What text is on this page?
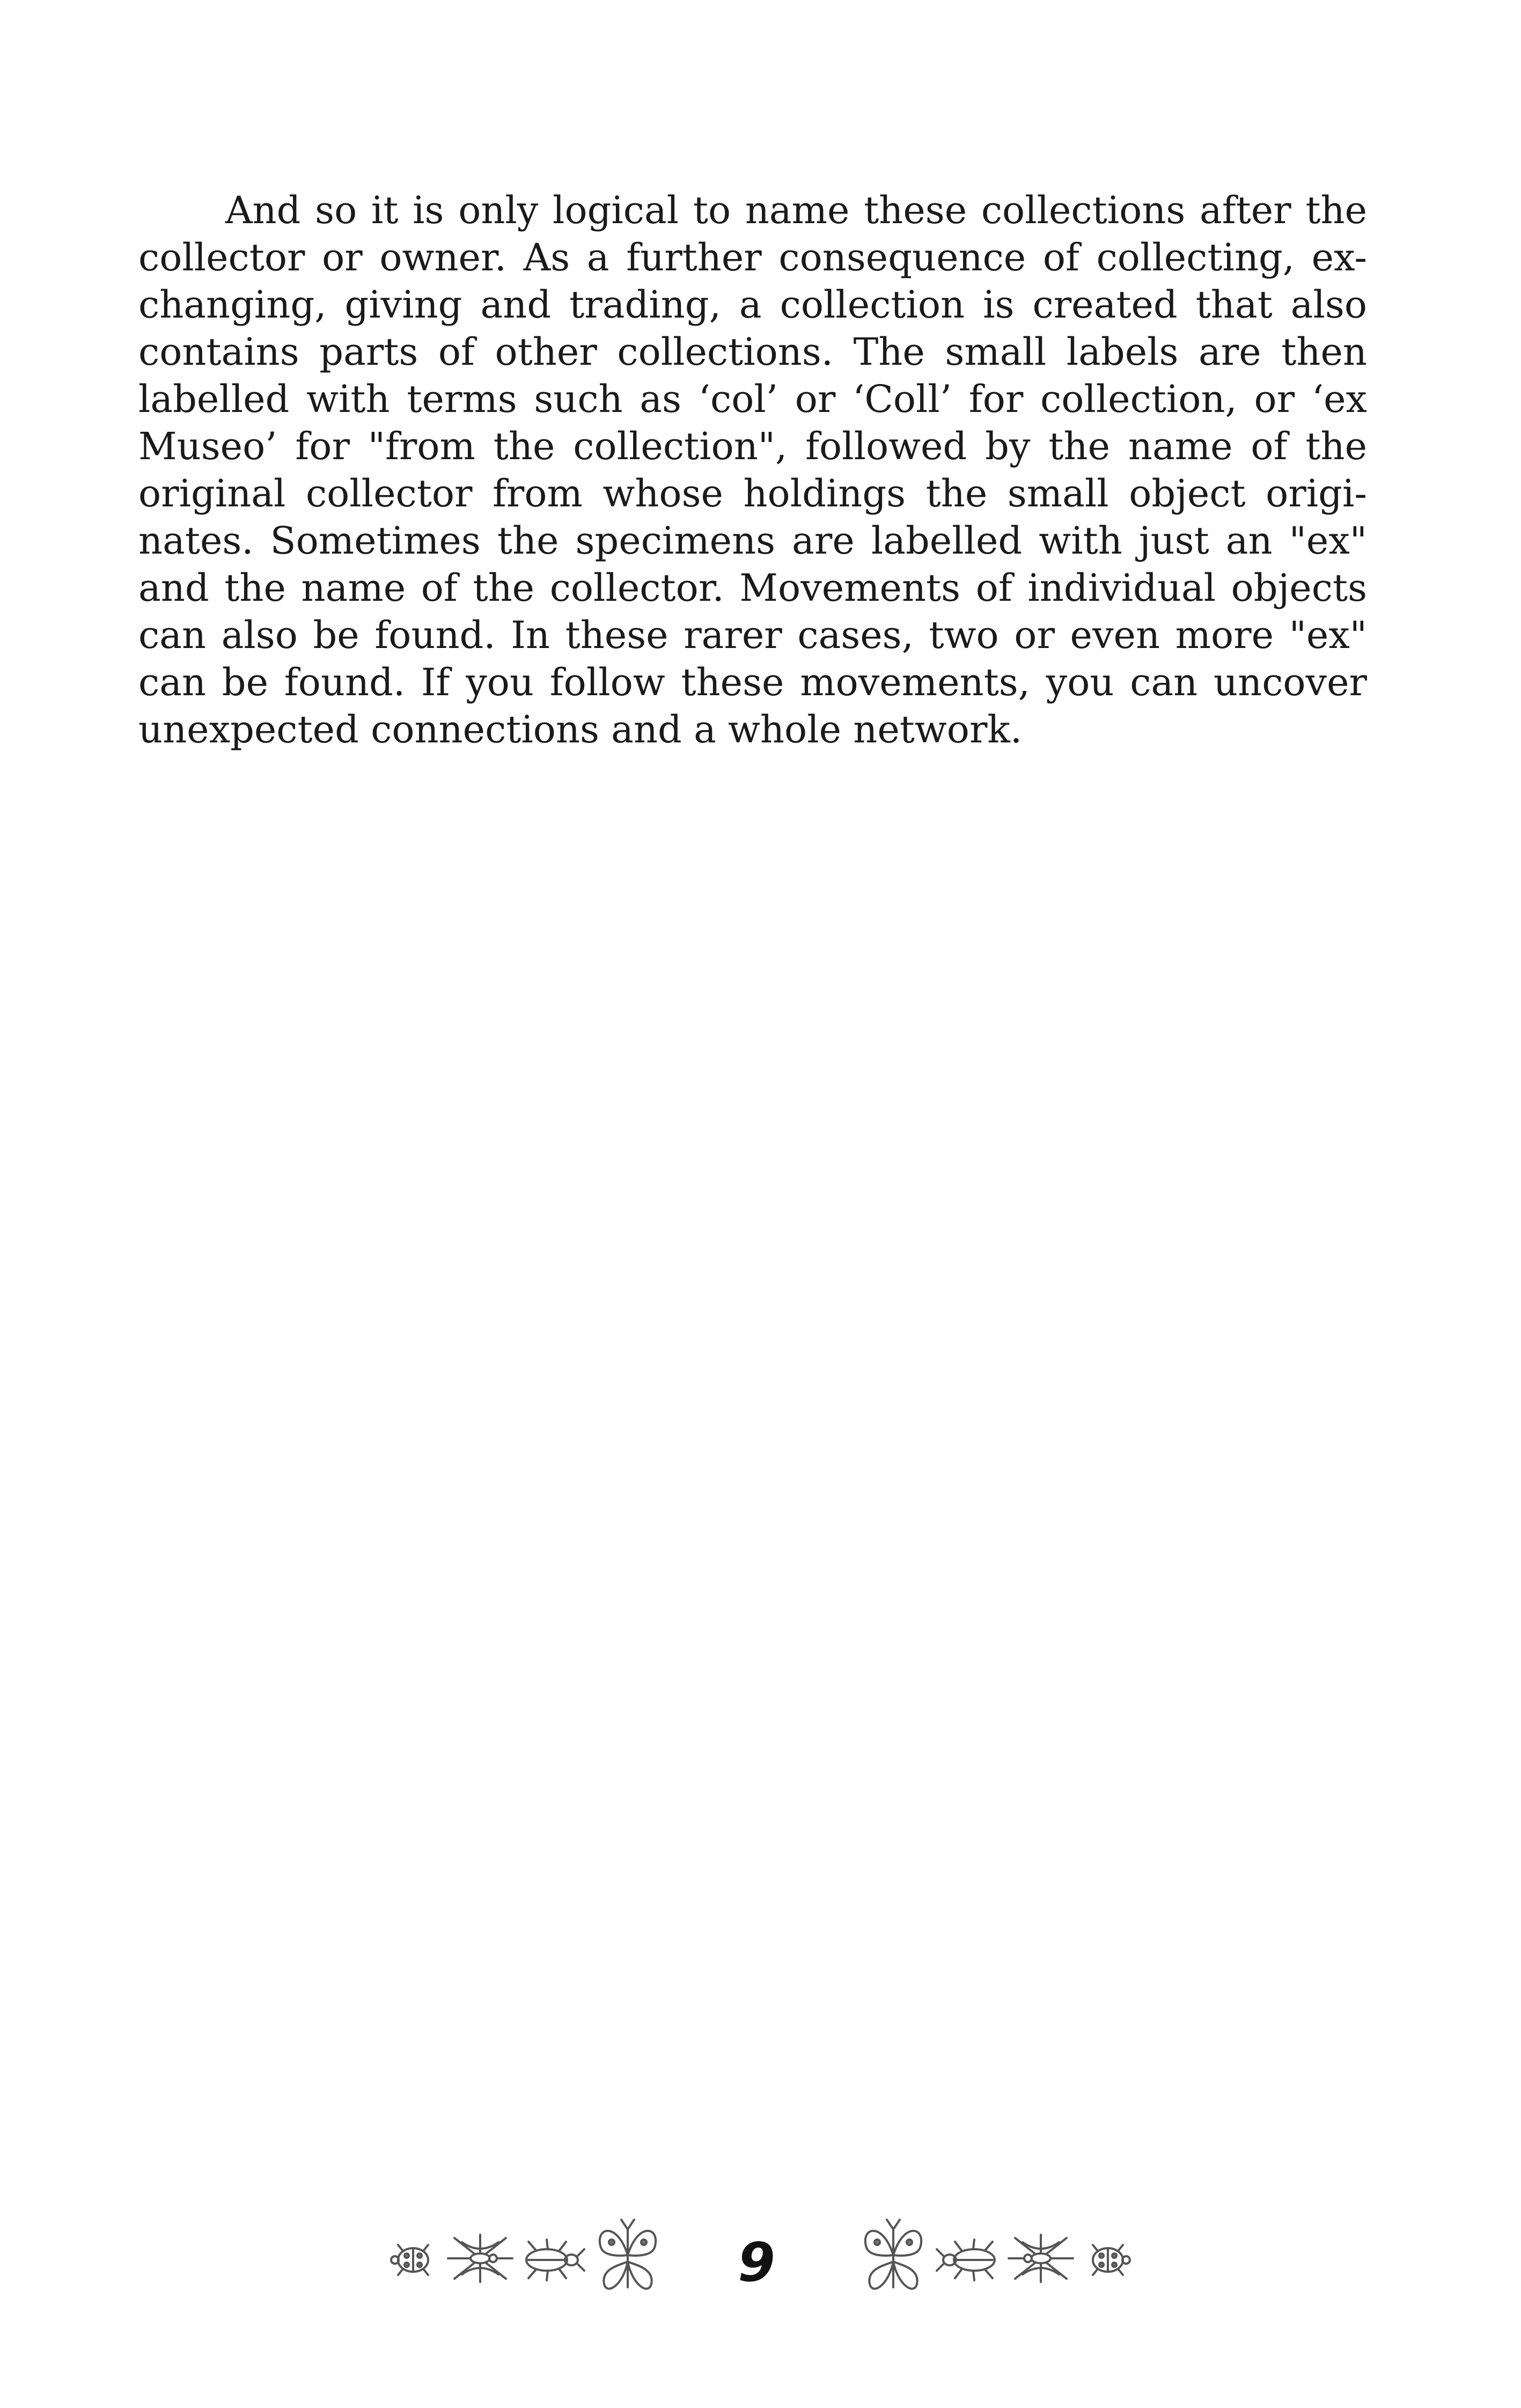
And so it is only logical to name these collections after the
collector or owner. As a further consequence of collecting, ex-
changing, giving and trading, a collection is created that also
contains parts of other collections. The small labels are then
labelled with terms such as ‘col’ or ‘Coll’ for collection, or ‘ex
Museo’ for "from the collection", followed by the name of the
original collector from whose holdings the small object origi-
nates. Sometimes the specimens are labelled with just an "ex"
and the name of the collector. Movements of individual objects
can also be found. In these rarer cases, two or even more "ex"
can be found. If you follow these movements, you can uncover
unexpected connections and a whole network.
9
